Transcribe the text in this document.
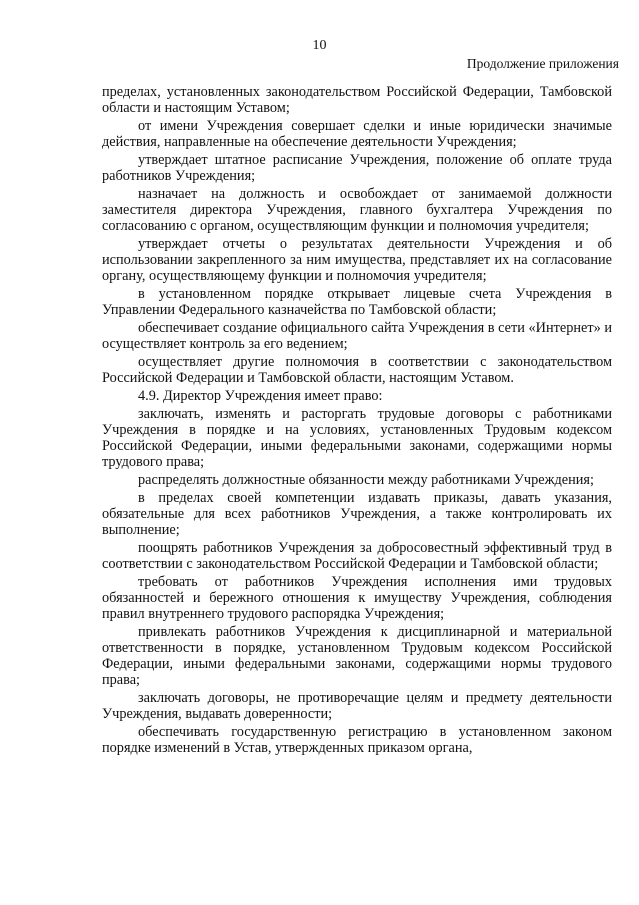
10
Продолжение приложения

пределах, установленных законодательством Российской Федерации, Тамбовской области и настоящим Уставом;

от имени Учреждения совершает сделки и иные юридически значимые действия, направленные на обеспечение деятельности Учреждения;

утверждает штатное расписание Учреждения, положение об оплате труда работников Учреждения;

назначает на должность и освобождает от занимаемой должности заместителя директора Учреждения, главного бухгалтера Учреждения по согласованию с органом, осуществляющим функции и полномочия учредителя;

утверждает отчеты о результатах деятельности Учреждения и об использовании закрепленного за ним имущества, представляет их на согласование органу, осуществляющему функции и полномочия учредителя;

в установленном порядке открывает лицевые счета Учреждения в Управлении Федерального казначейства по Тамбовской области;

обеспечивает создание официального сайта Учреждения в сети «Интернет» и осуществляет контроль за его ведением;

осуществляет другие полномочия в соответствии с законодательством Российской Федерации и Тамбовской области, настоящим Уставом.

4.9. Директор Учреждения имеет право:

заключать, изменять и расторгать трудовые договоры с работниками Учреждения в порядке и на условиях, установленных Трудовым кодексом Российской Федерации, иными федеральными законами, содержащими нормы трудового права;

распределять должностные обязанности между работниками Учреждения;

в пределах своей компетенции издавать приказы, давать указания, обязательные для всех работников Учреждения, а также контролировать их выполнение;

поощрять работников Учреждения за добросовестный эффективный труд в соответствии с законодательством Российской Федерации и Тамбовской области;

требовать от работников Учреждения исполнения ими трудовых обязанностей и бережного отношения к имуществу Учреждения, соблюдения правил внутреннего трудового распорядка Учреждения;

привлекать работников Учреждения к дисциплинарной и материальной ответственности в порядке, установленном Трудовым кодексом Российской Федерации, иными федеральными законами, содержащими нормы трудового права;

заключать договоры, не противоречащие целям и предмету деятельности Учреждения, выдавать доверенности;

обеспечивать государственную регистрацию в установленном законом порядке изменений в Устав, утвержденных приказом органа,
